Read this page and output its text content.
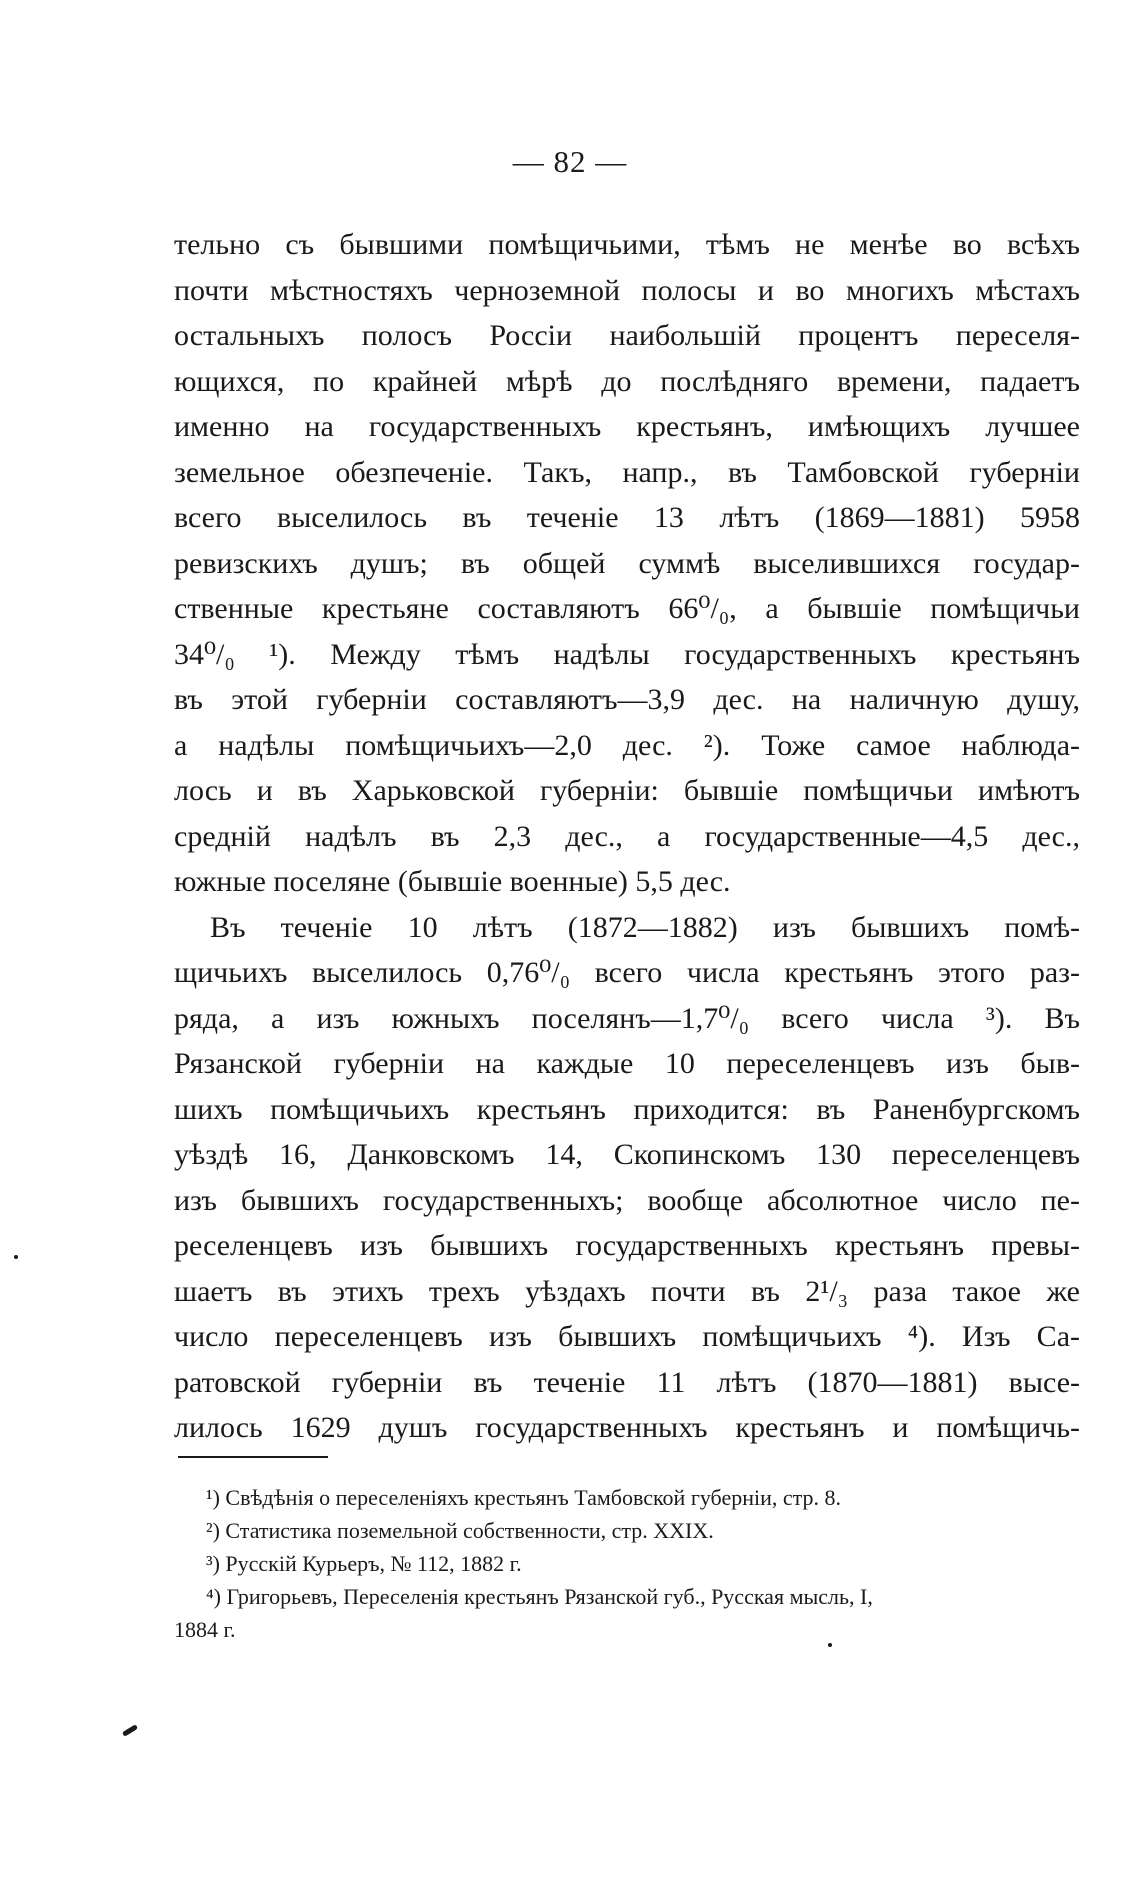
— 82 —
тельно съ бывшими помѣщичьими, тѣмъ не менѣе во всѣхъ
почти мѣстностяхъ черноземной полосы и во многихъ мѣстахъ
остальныхъ полосъ Россіи наибольшій процентъ переселя-
ющихся, по крайней мѣрѣ до послѣдняго времени, падаетъ
именно на государственныхъ крестьянъ, имѣющихъ лучшее
земельное обезпеченіе. Такъ, напр., въ Тамбовской губерніи
всего выселилось въ теченіе 13 лѣтъ (1869—1881) 5958
ревизскихъ душъ; въ общей суммѣ выселившихся государ-
ственные крестьяне составляютъ 66⁰/₀, а бывшіе помѣщичьи
34⁰/₀ ¹). Между тѣмъ надѣлы государственныхъ крестьянъ
въ этой губерніи составляютъ—3,9 дес. на наличную душу,
а надѣлы помѣщичьихъ—2,0 дес. ²). Тоже самое наблюда-
лось и въ Харьковской губерніи: бывшіе помѣщичьи имѣютъ
средній надѣлъ въ 2,3 дес., а государственные—4,5 дес.,
южные поселяне (бывшіе военные) 5,5 дес.
Въ теченіе 10 лѣтъ (1872—1882) изъ бывшихъ помѣ-
щичьихъ выселилось 0,76⁰/₀ всего числа крестьянъ этого раз-
ряда, а изъ южныхъ поселянъ—1,7⁰/₀ всего числа ³). Въ
Рязанской губерніи на каждые 10 переселенцевъ изъ быв-
шихъ помѣщичьихъ крестьянъ приходится: въ Раненбургскомъ
уѣздѣ 16, Данковскомъ 14, Скопинскомъ 130 переселенцевъ
изъ бывшихъ государственныхъ; вообще абсолютное число пе-
реселенцевъ изъ бывшихъ государственныхъ крестьянъ превы-
шаетъ въ этихъ трехъ уѣздахъ почти въ 2¹/₃ раза такое же
число переселенцевъ изъ бывшихъ помѣщичьихъ ⁴). Изъ Са-
ратовской губерніи въ теченіе 11 лѣтъ (1870—1881) высе-
лилось 1629 душъ государственныхъ крестьянъ и помѣщичь-
¹) Свѣдѣнія о переселеніяхъ крестьянъ Тамбовской губерніи, стр. 8.
²) Статистика поземельной собственности, стр. XXIX.
³) Русскій Курьеръ, № 112, 1882 г.
⁴) Григорьевъ, Переселенія крестьянъ Рязанской губ., Русская мысль, I,
1884 г.
